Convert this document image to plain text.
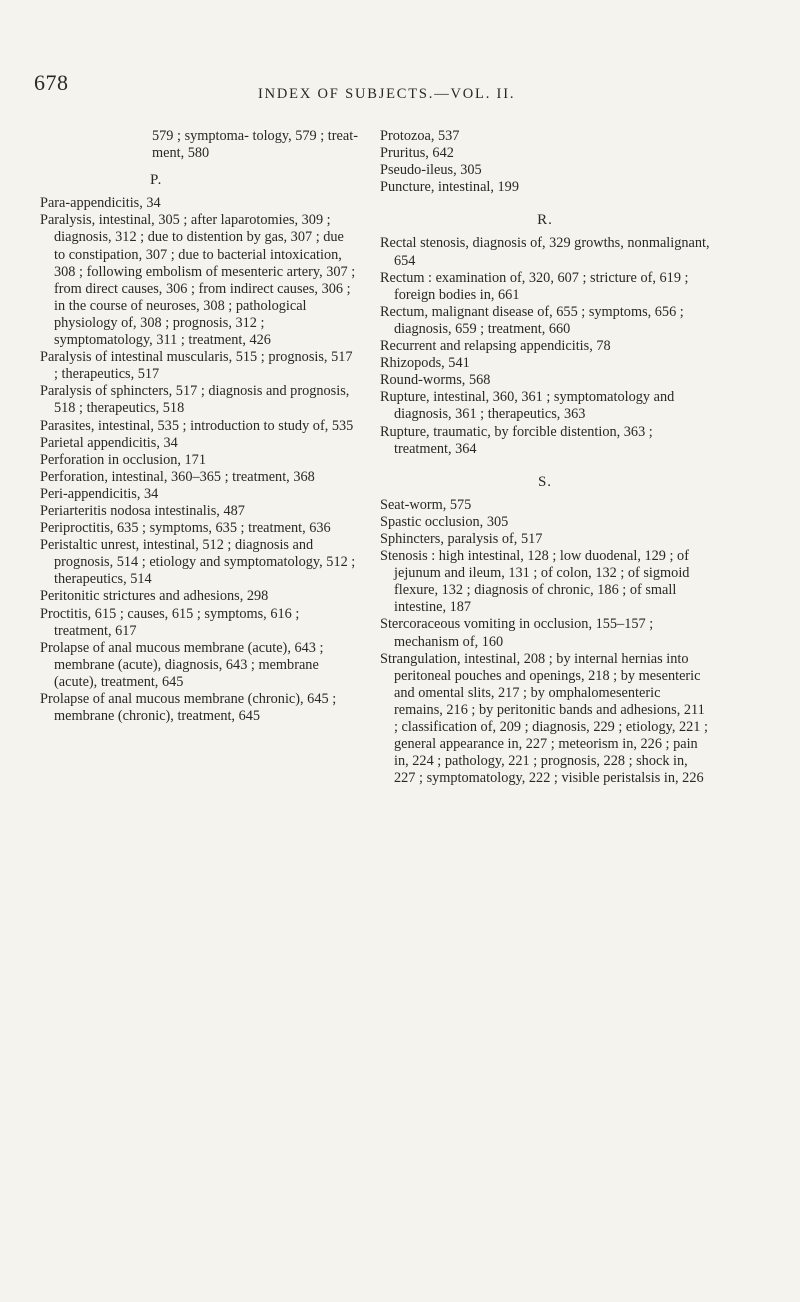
678	INDEX OF SUBJECTS.—VOL. II.

579 ; symptoma- tology, 579 ; treat- ment, 580

P.

Para-appendicitis, 34

Paralysis, intestinal, 305 ; after laparotomies, 309 ; diagnosis, 312 ; due to distention by gas, 307 ; due to constipation, 307 ; due to bacterial intoxication, 308 ; following embolism of mesenteric artery, 307 ; from direct causes, 306 ; from indirect causes, 306 ; in the course of neuroses, 308 ; pathological physiology of, 308 ; prognosis, 312 ; symptomatology, 311 ; treatment, 426

Paralysis of intestinal muscularis, 515 ; prognosis, 517 ; therapeutics, 517

Paralysis of sphincters, 517 ; diagnosis and prognosis, 518 ; therapeutics, 518

Parasites, intestinal, 535 ; introduction to study of, 535

Parietal appendicitis, 34

Perforation in occlusion, 171

Perforation, intestinal, 360–365 ; treatment, 368

Peri-appendicitis, 34

Periarteritis nodosa intestinalis, 487

Periproctitis, 635 ; symptoms, 635 ; treatment, 636

Peristaltic unrest, intestinal, 512 ; diagnosis and prognosis, 514 ; etiology and symptomatology, 512 ; therapeutics, 514

Peritonitic strictures and adhesions, 298

Proctitis, 615 ; causes, 615 ; symptoms, 616 ; treatment, 617

Prolapse of anal mucous membrane (acute), 643 ; membrane (acute), diagnosis, 643 ; membrane (acute), treatment, 645

Prolapse of anal mucous membrane (chronic), 645 ; membrane (chronic), treatment, 645

Protozoa, 537

Pruritus, 642

Pseudo-ileus, 305

Puncture, intestinal, 199

R.

Rectal stenosis, diagnosis of, 329 growths, nonmalignant, 654

Rectum : examination of, 320, 607 ; stricture of, 619 ; foreign bodies in, 661

Rectum, malignant disease of, 655 ; symptoms, 656 ; diagnosis, 659 ; treatment, 660

Recurrent and relapsing appendicitis, 78

Rhizopods, 541

Round-worms, 568

Rupture, intestinal, 360, 361 ; symptomatology and diagnosis, 361 ; therapeutics, 363

Rupture, traumatic, by forcible distention, 363 ; treatment, 364

S.

Seat-worm, 575

Spastic occlusion, 305

Sphincters, paralysis of, 517

Stenosis : high intestinal, 128 ; low duodenal, 129 ; of jejunum and ileum, 131 ; of colon, 132 ; of sigmoid flexure, 132 ; diagnosis of chronic, 186 ; of small intestine, 187

Stercoraceous vomiting in occlusion, 155–157 ; mechanism of, 160

Strangulation, intestinal, 208 ; by internal hernias into peritoneal pouches and openings, 218 ; by mesenteric and omental slits, 217 ; by omphalomesenteric remains, 216 ; by peritonitic bands and adhesions, 211 ; classification of, 209 ; diagnosis, 229 ; etiology, 221 ; general appearance in, 227 ; meteorism in, 226 ; pain in, 224 ; pathology, 221 ; prognosis, 228 ; shock in, 227 ; symptomatology, 222 ; visible peristalsis in, 226
